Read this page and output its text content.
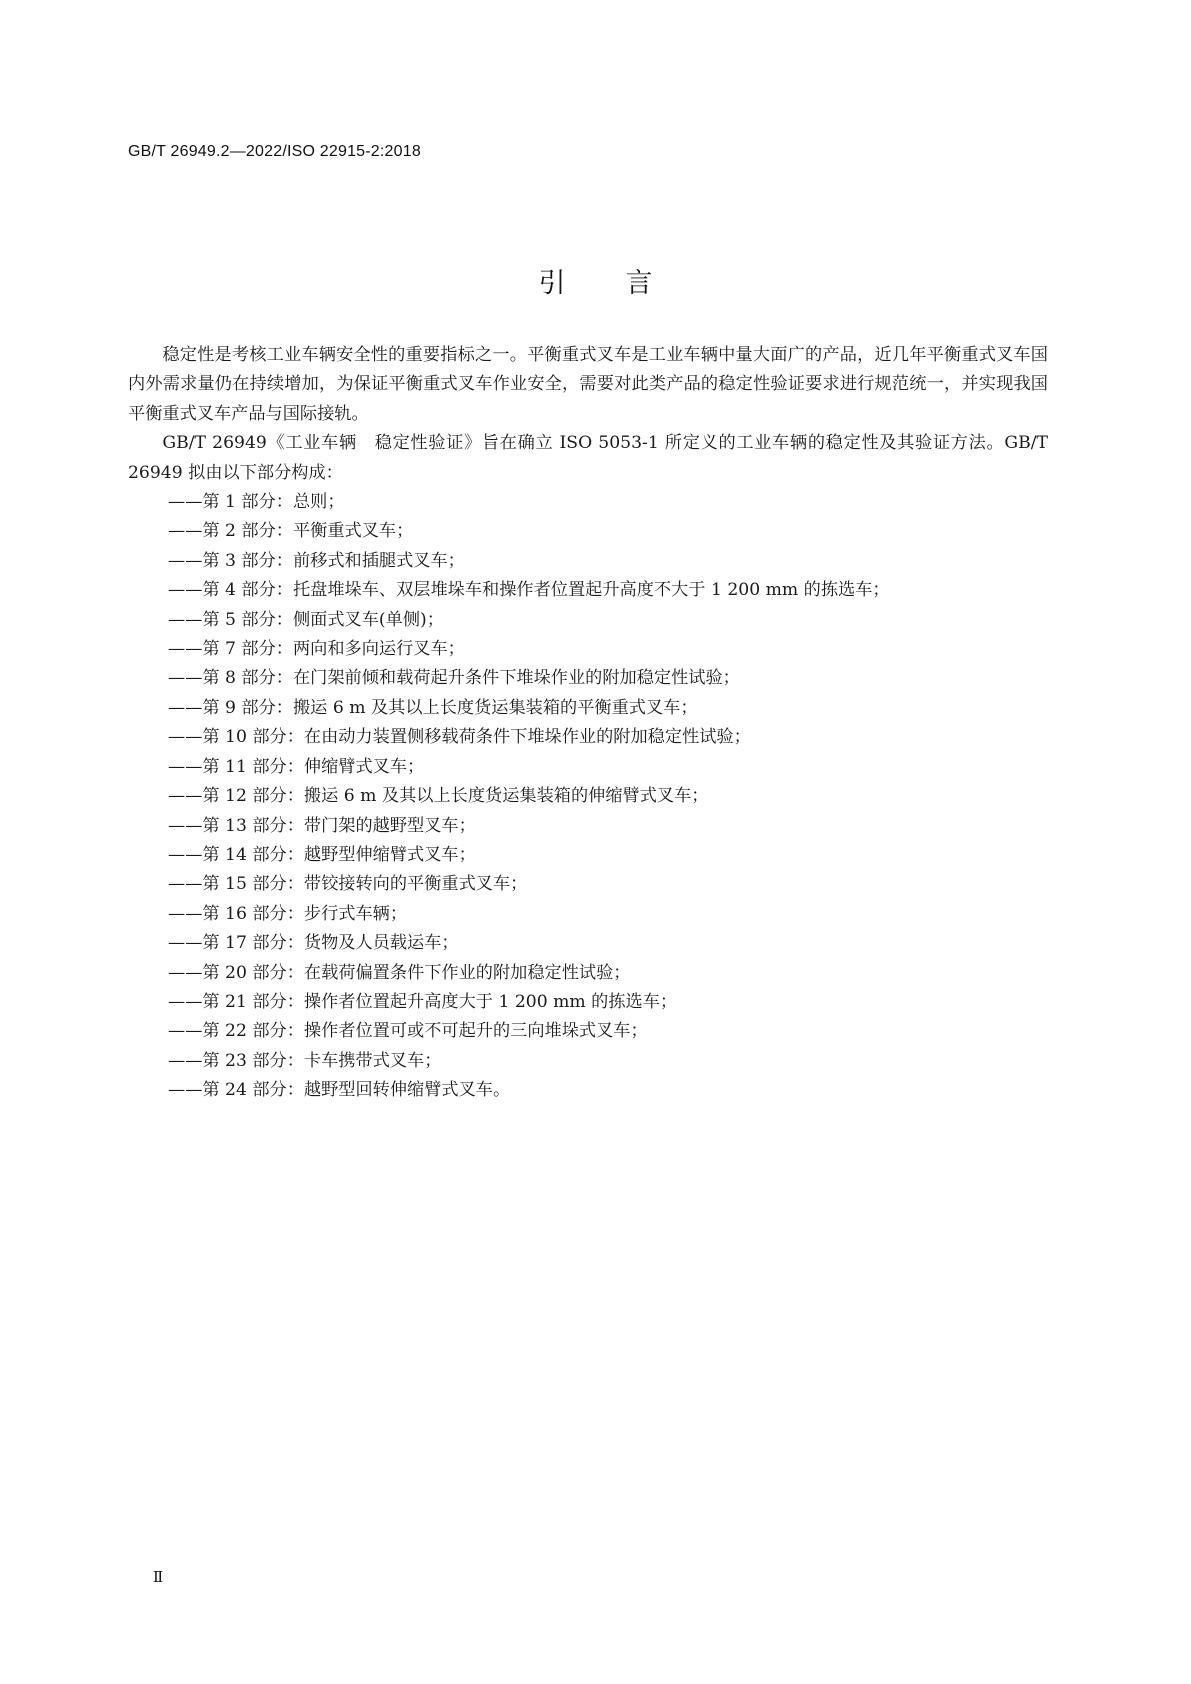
GB/T 26949.2—2022/ISO 22915-2:2018
引言

稳定性是考核工业车辆安全性的重要指标之一。平衡重式叉车是工业车辆中量大面广的产品，近几年平衡重式叉车国内外需求量仍在持续增加，为保证平衡重式叉车作业安全，需要对此类产品的稳定性验证要求进行规范统一，并实现我国平衡重式叉车产品与国际接轨。

GB/T 26949《工业车辆　稳定性验证》旨在确立 ISO 5053-1 所定义的工业车辆的稳定性及其验证方法。GB/T 26949 拟由以下部分构成：

——第 1 部分：总则；
——第 2 部分：平衡重式叉车；
——第 3 部分：前移式和插腿式叉车；
——第 4 部分：托盘堆垛车、双层堆垛车和操作者位置起升高度不大于 1 200 mm 的拣选车；
——第 5 部分：侧面式叉车(单侧)；
——第 7 部分：两向和多向运行叉车；
——第 8 部分：在门架前倾和载荷起升条件下堆垛作业的附加稳定性试验；
——第 9 部分：搬运 6 m 及其以上长度货运集装箱的平衡重式叉车；
——第 10 部分：在由动力装置侧移载荷条件下堆垛作业的附加稳定性试验；
——第 11 部分：伸缩臂式叉车；
——第 12 部分：搬运 6 m 及其以上长度货运集装箱的伸缩臂式叉车；
——第 13 部分：带门架的越野型叉车；
——第 14 部分：越野型伸缩臂式叉车；
——第 15 部分：带铰接转向的平衡重式叉车；
——第 16 部分：步行式车辆；
——第 17 部分：货物及人员载运车；
——第 20 部分：在载荷偏置条件下作业的附加稳定性试验；
——第 21 部分：操作者位置起升高度大于 1 200 mm 的拣选车；
——第 22 部分：操作者位置可或不可起升的三向堆垛式叉车；
——第 23 部分：卡车携带式叉车；
——第 24 部分：越野型回转伸缩臂式叉车。
Ⅱ
